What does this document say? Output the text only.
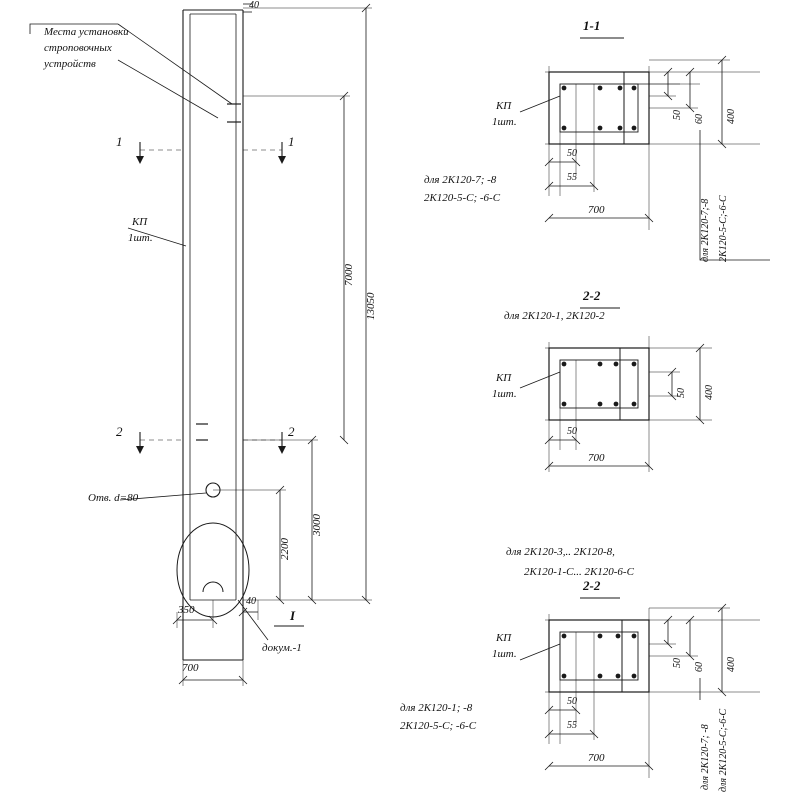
Места установки
строповочных
устройств
КП
1шт.
1	1
2	2
Отв. d=80
7000
13050
3000
2200
700
350
40
40
I
докум.-1
1-1
КП
1шт.
50
55
700
50 60 400
для 2К120-7; -8
2К120-5-С; -6-С
для 2К120-7;-8 2К120-5-С;-6-С
2-2
для 2К120-1, 2К120-2
КП
1шт.
50
700
50 400
2-2
для 2К120-3,.. 2К120-8,
2К120-1-С... 2К120-6-С
КП
1шт.
50
55
700
50 60 400
для 2К120-1; -8
2К120-5-С; -6-С	для 2К120-7; -8 для 2К120-5-С;-6-С
